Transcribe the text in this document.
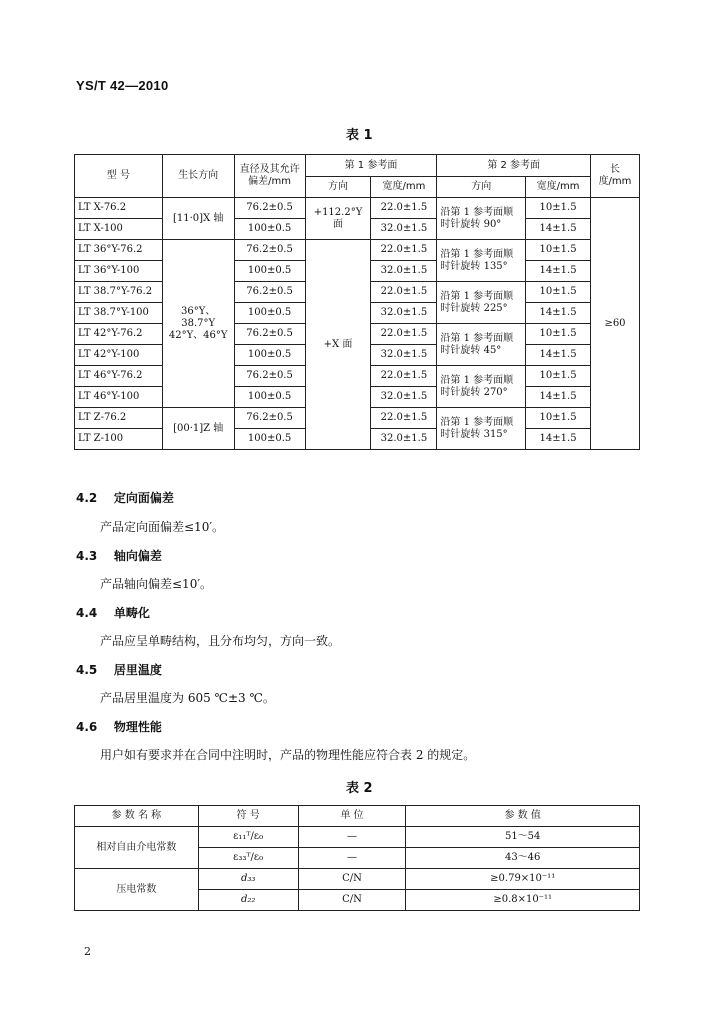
YS/T 42—2010
表 1
型 号	生长方向	直径及其允许偏差/mm	第 1 参考面		第 2 参考面		长度/mm
			方向	宽度/mm	方向	宽度/mm	
LT X-76.2	[11·0]X 轴	76.2±0.5	+112.2°Y 面	22.0±1.5	沿第 1 参考面顺
时针旋转 90°	10±1.5	≥60
LT X-100		100±0.5		32.0±1.5		14±1.5	
LT 36°Y-76.2	36°Y、38.7°Y 42°Y、46°Y	76.2±0.5	+X 面	22.0±1.5	沿第 1 参考面顺
时针旋转 135°	10±1.5	
LT 36°Y-100		100±0.5		32.0±1.5		14±1.5	
LT 38.7°Y-76.2		76.2±0.5		22.0±1.5	沿第 1 参考面顺
时针旋转 225°	10±1.5	
LT 38.7°Y-100		100±0.5		32.0±1.5		14±1.5	
LT 42°Y-76.2		76.2±0.5		22.0±1.5	沿第 1 参考面顺
时针旋转 45°	10±1.5	
LT 42°Y-100		100±0.5		32.0±1.5		14±1.5	
LT 46°Y-76.2		76.2±0.5		22.0±1.5	沿第 1 参考面顺
时针旋转 270°	10±1.5	
LT 46°Y-100		100±0.5		32.0±1.5		14±1.5	
LT Z-76.2	[00·1]Z 轴	76.2±0.5		22.0±1.5	沿第 1 参考面顺
时针旋转 315°	10±1.5	
LT Z-100		100±0.5		32.0±1.5		14±1.5	
4.2 定向面偏差
产品定向面偏差≤10′。
4.3 轴向偏差
产品轴向偏差≤10′。
4.4 单畴化
产品应呈单畴结构，且分布均匀，方向一致。
4.5 居里温度
产品居里温度为 605 ℃±3 ℃。
4.6 物理性能
用户如有要求并在合同中注明时，产品的物理性能应符合表 2 的规定。
表 2
参 数 名 称	符 号	单 位	参 数 值
相对自由介电常数	ε₁₁ᵀ/ε₀	—	51～54
	ε₃₃ᵀ/ε₀	—	43～46
压电常数	d₃₃	C/N	≥0.79×10⁻¹¹
	d₂₂	C/N	≥0.8×10⁻¹¹
2
